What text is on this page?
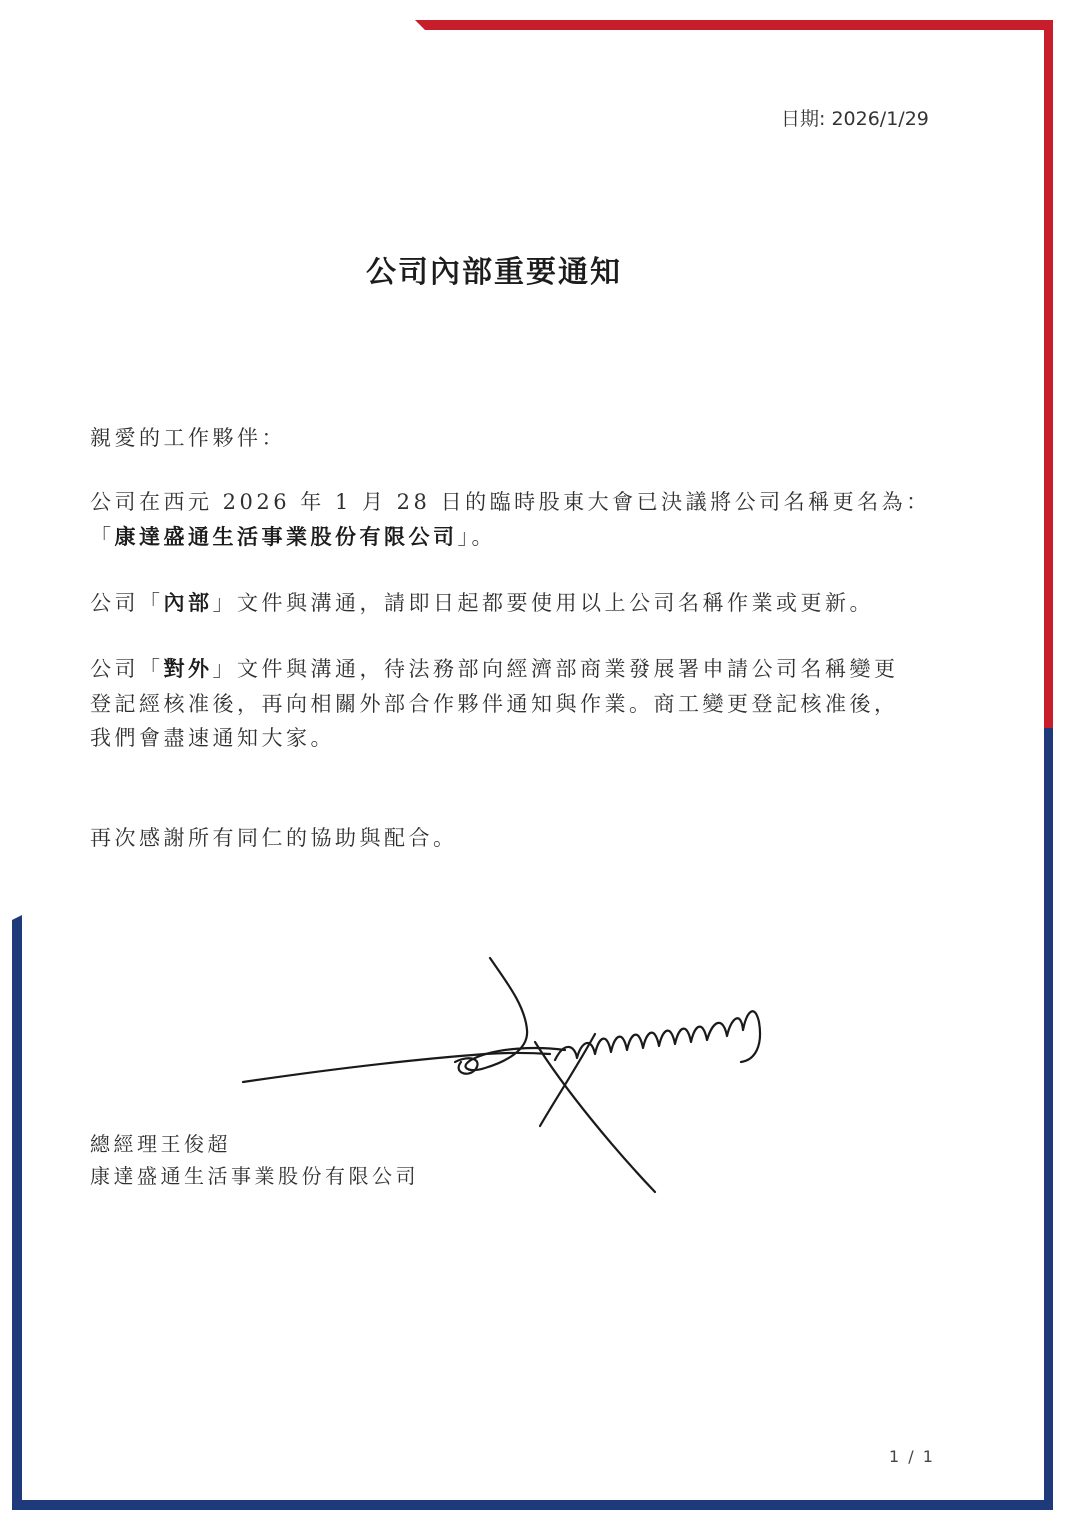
日期: 2026/1/29
公司內部重要通知
親愛的工作夥伴：
公司在西元 2026 年 1 月 28 日的臨時股東大會已決議將公司名稱更名為：
「康達盛通生活事業股份有限公司」。
公司「內部」文件與溝通，請即日起都要使用以上公司名稱作業或更新。
公司「對外」文件與溝通，待法務部向經濟部商業發展署申請公司名稱變更
登記經核准後，再向相關外部合作夥伴通知與作業。商工變更登記核准後，
我們會盡速通知大家。
再次感謝所有同仁的協助與配合。
總經理王俊超
康達盛通生活事業股份有限公司
1 / 1
